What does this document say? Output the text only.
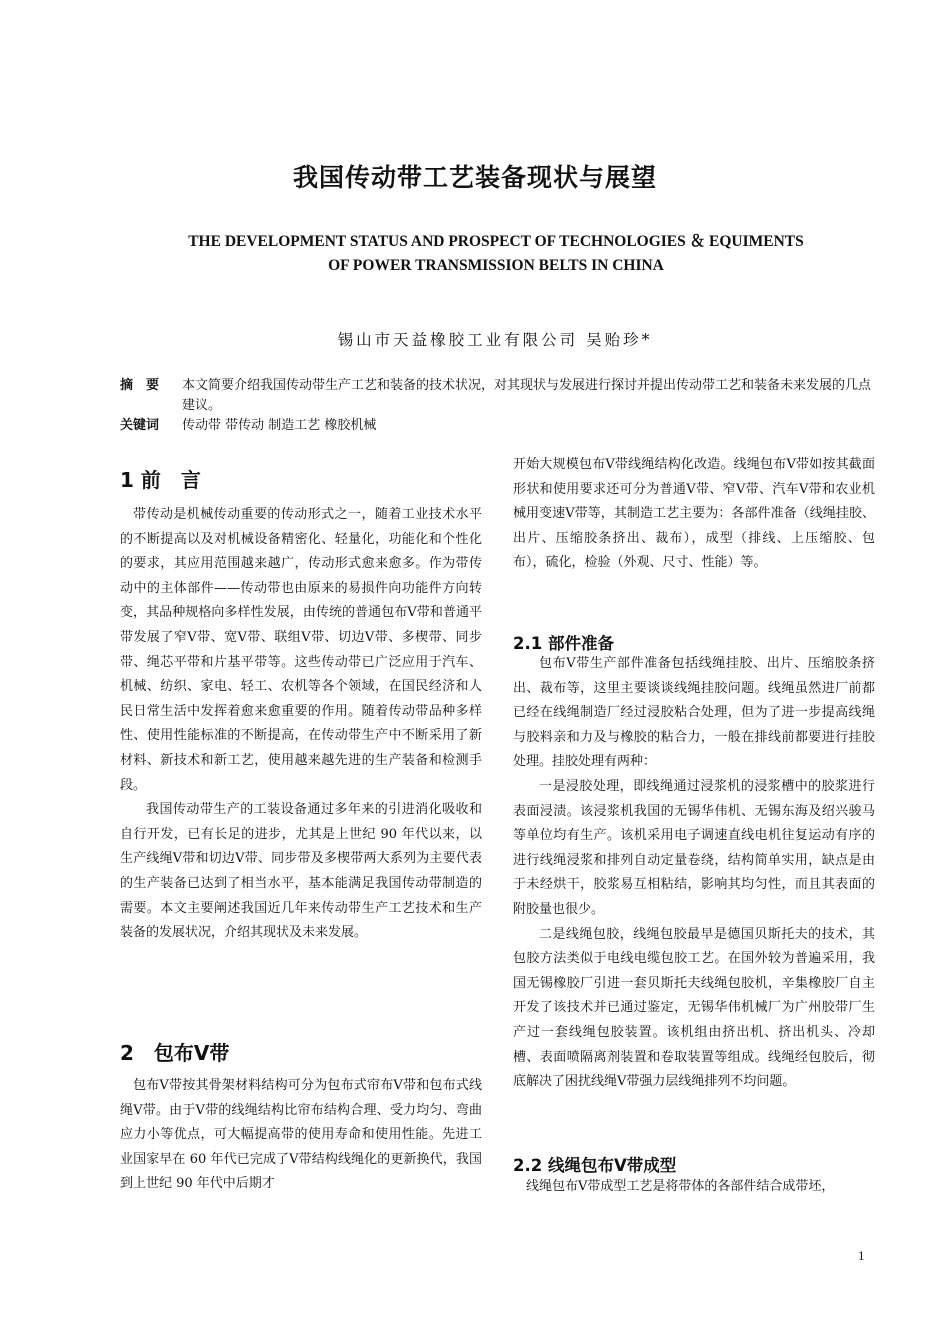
我国传动带工艺装备现状与展望
THE DEVELOPMENT STATUS AND PROSPECT OF TECHNOLOGIES ＆ EQUIMENTS
OF POWER TRANSMISSION BELTS IN CHINA
锡山市天益橡胶工业有限公司 吴贻珍*
摘　要	本文简要介绍我国传动带生产工艺和装备的技术状况，对其现状与发展进行探讨并提出传动带工艺和装备未来发展的几点建议。
关键词	传动带 带传动 制造工艺 橡胶机械
1 前　言

带传动是机械传动重要的传动形式之一，随着工业技术水平的不断提高以及对机械设备精密化、轻量化，功能化和个性化的要求，其应用范围越来越广，传动形式愈来愈多。作为带传动中的主体部件——传动带也由原来的易损件向功能件方向转变，其品种规格向多样性发展，由传统的普通包布V带和普通平带发展了窄V带、宽V带、联组V带、切边V带、多楔带、同步带、绳芯平带和片基平带等。这些传动带已广泛应用于汽车、机械、纺织、家电、轻工、农机等各个领域，在国民经济和人民日常生活中发挥着愈来愈重要的作用。随着传动带品种多样性、使用性能标准的不断提高，在传动带生产中不断采用了新材料、新技术和新工艺，使用越来越先进的生产装备和检测手段。

我国传动带生产的工装设备通过多年来的引进消化吸收和自行开发，已有长足的进步，尤其是上世纪 90 年代以来，以生产线绳V带和切边V带、同步带及多楔带两大系列为主要代表的生产装备已达到了相当水平，基本能满足我国传动带制造的需要。本文主要阐述我国近几年来传动带生产工艺技术和生产装备的发展状况，介绍其现状及未来发展。

2　包布V带

包布V带按其骨架材料结构可分为包布式帘布V带和包布式线绳V带。由于V带的线绳结构比帘布结构合理、受力均匀、弯曲应力小等优点，可大幅提高带的使用寿命和使用性能。先进工业国家早在 60 年代已完成了V带结构线绳化的更新换代，我国到上世纪 90 年代中后期才

开始大规模包布V带线绳结构化改造。线绳包布V带如按其截面形状和使用要求还可分为普通V带、窄V带、汽车V带和农业机械用变速V带等，其制造工艺主要为：各部件准备（线绳挂胶、出片、压缩胶条挤出、裁布），成型（排线、上压缩胶、包布），硫化，检验（外观、尺寸、性能）等。

2.1 部件准备

包布V带生产部件准备包括线绳挂胶、出片、压缩胶条挤出、裁布等，这里主要谈谈线绳挂胶问题。线绳虽然进厂前都已经在线绳制造厂经过浸胶粘合处理，但为了进一步提高线绳与胶料亲和力及与橡胶的粘合力，一般在排线前都要进行挂胶处理。挂胶处理有两种：

一是浸胶处理，即线绳通过浸浆机的浸浆槽中的胶浆进行表面浸渍。该浸浆机我国的无锡华伟机、无锡东海及绍兴骏马等单位均有生产。该机采用电子调速直线电机往复运动有序的进行线绳浸浆和排列自动定量卷绕，结构简单实用，缺点是由于未经烘干，胶浆易互相粘结，影响其均匀性，而且其表面的附胶量也很少。

二是线绳包胶，线绳包胶最早是德国贝斯托夫的技术，其包胶方法类似于电线电缆包胶工艺。在国外较为普遍采用，我国无锡橡胶厂引进一套贝斯托夫线绳包胶机，辛集橡胶厂自主开发了该技术并已通过鉴定，无锡华伟机械厂为广州胶带厂生产过一套线绳包胶装置。该机组由挤出机、挤出机头、冷却槽、表面喷隔离剂装置和卷取装置等组成。线绳经包胶后，彻底解决了困扰线绳V带强力层线绳排列不均问题。

2.2 线绳包布V带成型

线绳包布V带成型工艺是将带体的各部件结合成带坯，

1
